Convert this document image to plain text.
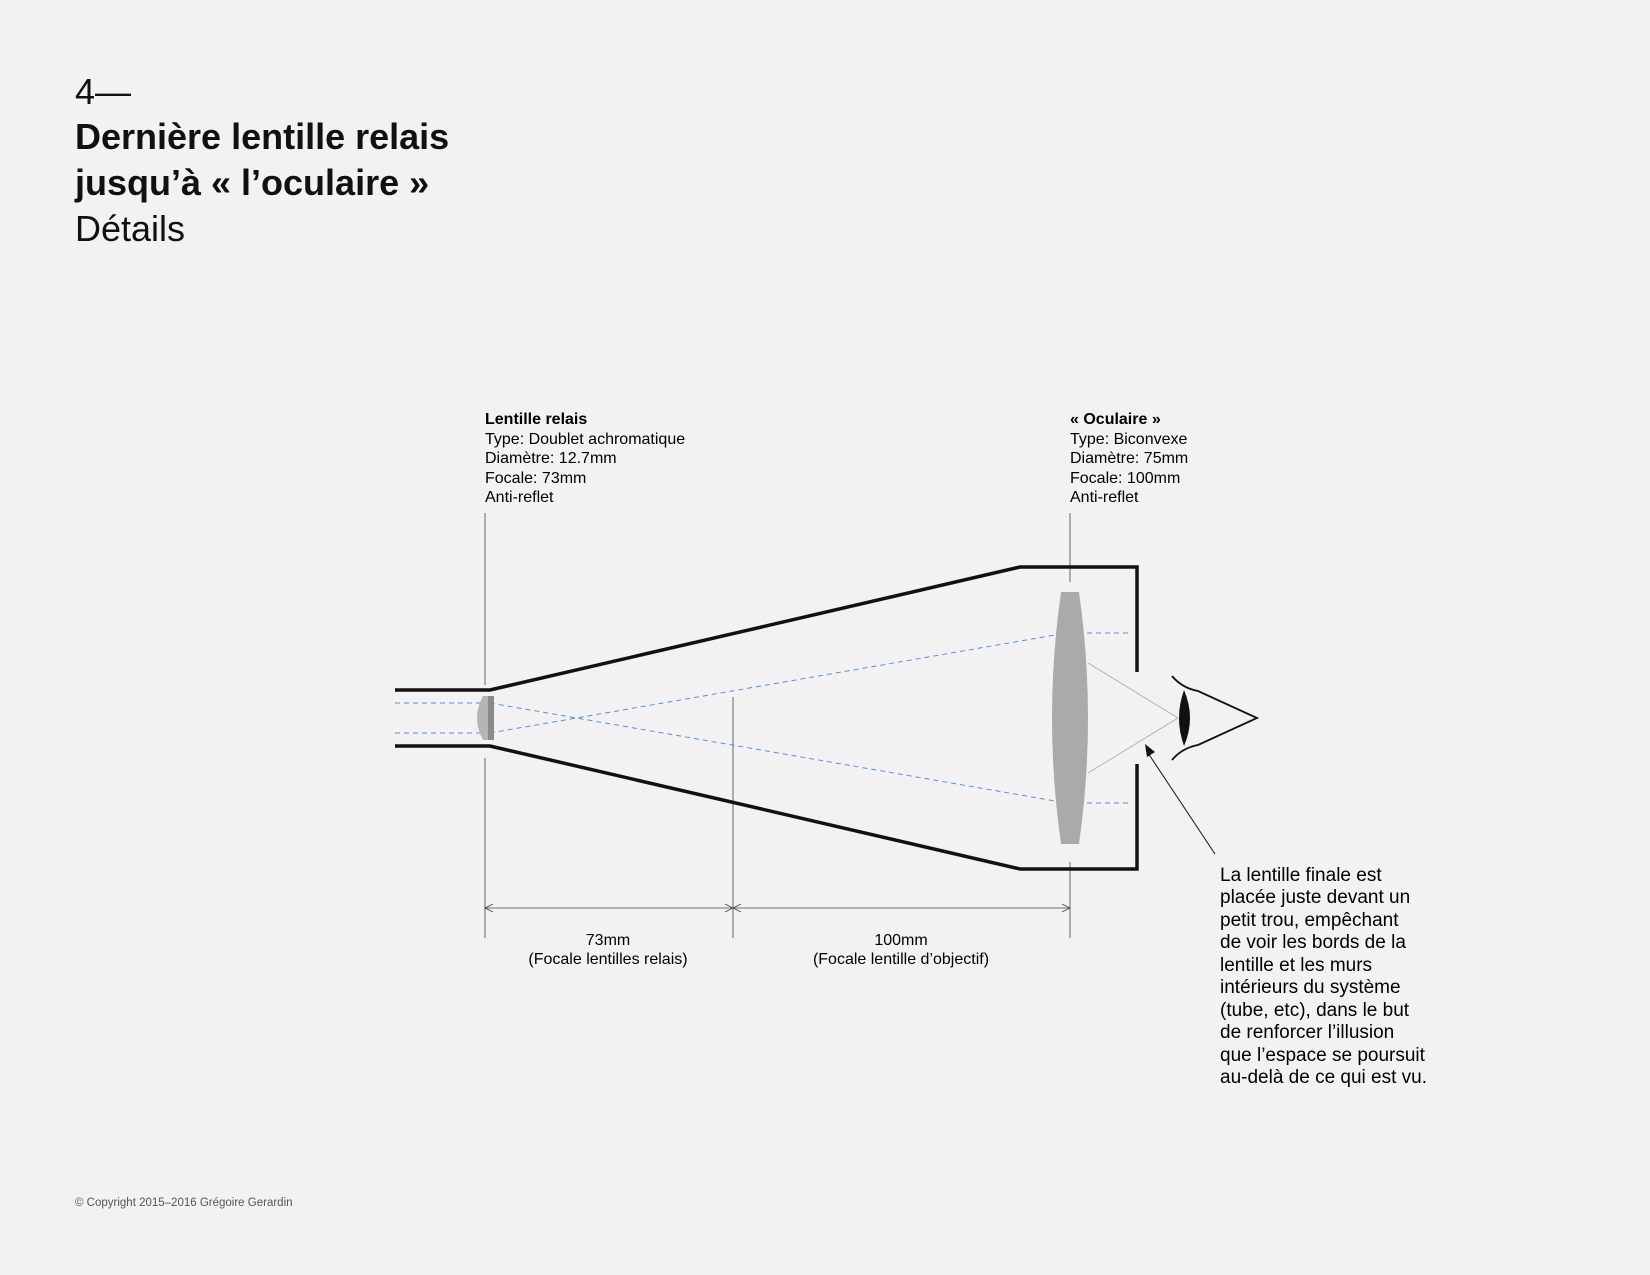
4—
Dernière lentille relais
jusqu’à « l’oculaire »
Détails
Lentille relais
Type: Doublet achromatique
Diamètre: 12.7mm
Focale: 73mm
Anti-reflet
« Oculaire »
Type: Biconvexe
Diamètre: 75mm
Focale: 100mm
Anti-reflet
73mm
(Focale lentilles relais)
100mm
(Focale lentille d’objectif)
La lentille finale est
placée juste devant un
petit trou, empêchant
de voir les bords de la
lentille et les murs
intérieurs du système
(tube, etc), dans le but
de renforcer l’illusion
que l’espace se poursuit
au-delà de ce qui est vu.
© Copyright 2015–2016 Grégoire Gerardin
